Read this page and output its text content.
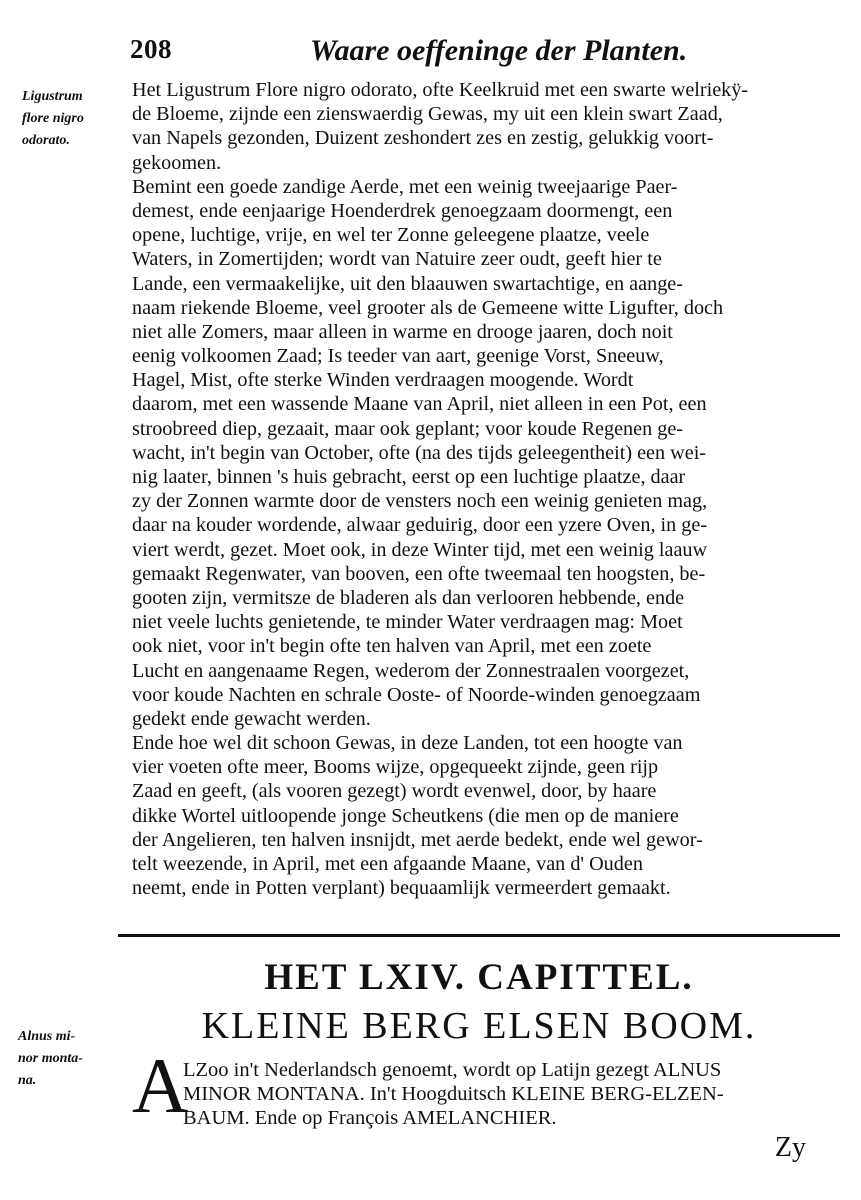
208	Waare oeffeninge der Planten.
Ligustrum
flore nigro
odorato.
Het Ligustrum Flore nigro odorato, ofte Keelkruid met een swarte welriekÿ-
de Bloeme, zijnde een zienswaerdig Gewas, my uit een klein swart Zaad,
van Napels gezonden, Duizent zeshondert zes en zestig, gelukkig voort-
gekoomen.
Bemint een goede zandige Aerde, met een weinig tweejaarige Paer-
demest, ende eenjaarige Hoenderdrek genoegzaam doormengt, een
opene, luchtige, vrije, en wel ter Zonne geleegene plaatze, veele
Waters, in Zomertijden; wordt van Natuire zeer oudt, geeft hier te
Lande, een vermaakelijke, uit den blaauwen swartachtige, en aange-
naam riekende Bloeme, veel grooter als de Gemeene witte Ligufter, doch
niet alle Zomers, maar alleen in warme en drooge jaaren, doch noit
eenig volkoomen Zaad; Is teeder van aart, geenige Vorst, Sneeuw,
Hagel, Mist, ofte sterke Winden verdraagen moogende. Wordt
daarom, met een wassende Maane van April, niet alleen in een Pot, een
stroobreed diep, gezaait, maar ook geplant; voor koude Regenen ge-
wacht, in't begin van October, ofte (na des tijds geleegentheit) een wei-
nig laater, binnen 's huis gebracht, eerst op een luchtige plaatze, daar
zy der Zonnen warmte door de vensters noch een weinig genieten mag,
daar na kouder wordende, alwaar geduirig, door een yzere Oven, in ge-
viert werdt, gezet. Moet ook, in deze Winter tijd, met een weinig laauw
gemaakt Regenwater, van booven, een ofte tweemaal ten hoogsten, be-
gooten zijn, vermitsze de bladeren als dan verlooren hebbende, ende
niet veele luchts genietende, te minder Water verdraagen mag: Moet
ook niet, voor in't begin ofte ten halven van April, met een zoete
Lucht en aangenaame Regen, wederom der Zonnestraalen voorgezet,
voor koude Nachten en schrale Ooste- of Noorde-winden genoegzaam
gedekt ende gewacht werden.
Ende hoe wel dit schoon Gewas, in deze Landen, tot een hoogte van
vier voeten ofte meer, Booms wijze, opgequeekt zijnde, geen rijp
Zaad en geeft, (als vooren gezegt) wordt evenwel, door, by haare
dikke Wortel uitloopende jonge Scheutkens (die men op de maniere
der Angelieren, ten halven insnijdt, met aerde bedekt, ende wel gewor-
telt weezende, in April, met een afgaande Maane, van d' Ouden
neemt, ende in Potten verplant) bequaamlijk vermeerdert gemaakt.
HET LXIV. CAPITTEL.
KLEINE BERG ELSEN BOOM.
Alnus mi-
nor monta-
na.	A
LZoo in't Nederlandsch genoemt, wordt op Latijn gezegt ALNUS
MINOR MONTANA. In't Hoogduitsch KLEINE BERG-ELZEN-
BAUM. Ende op François AMELANCHIER.
Zy
